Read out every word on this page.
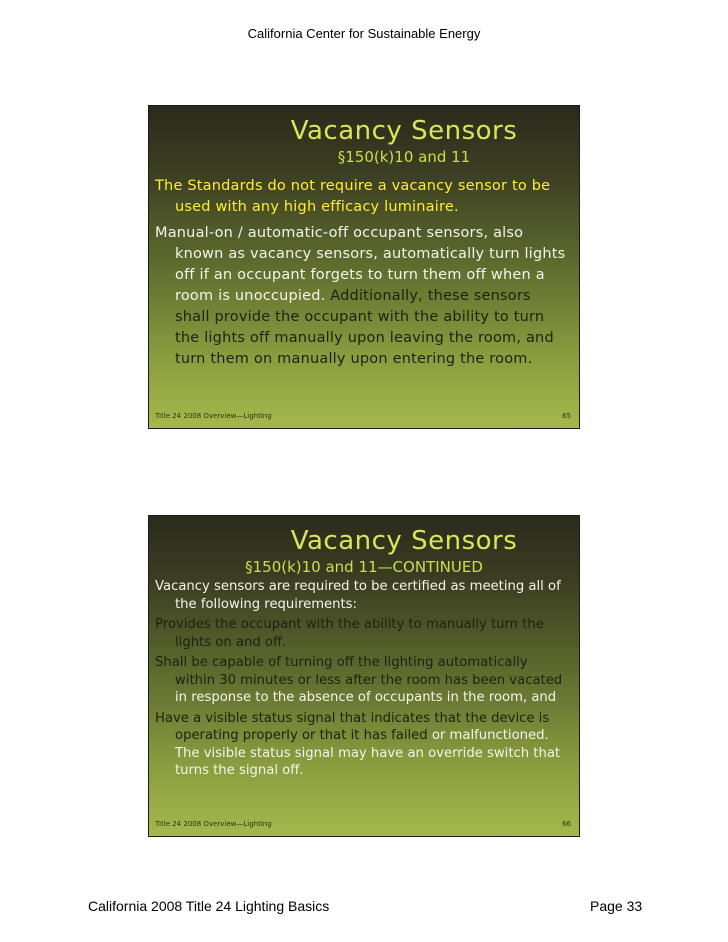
California Center for Sustainable Energy
Vacancy Sensors
§150(k)10 and 11

The Standards do not require a vacancy sensor to be used with any high efficacy luminaire.

Manual-on / automatic-off occupant sensors, also known as vacancy sensors, automatically turn lights off if an occupant forgets to turn them off when a room is unoccupied. Additionally, these sensors shall provide the occupant with the ability to turn the lights off manually upon leaving the room, and turn them on manually upon entering the room.

Title 24 2008 Overview—Lighting	65
Vacancy Sensors
§150(k)10 and 11—CONTINUED

Vacancy sensors are required to be certified as meeting all of the following requirements:

Provides the occupant with the ability to manually turn the lights on and off.

Shall be capable of turning off the lighting automatically within 30 minutes or less after the room has been vacated in response to the absence of occupants in the room, and

Have a visible status signal that indicates that the device is operating properly or that it has failed or malfunctioned. The visible status signal may have an override switch that turns the signal off.

Title 24 2008 Overview—Lighting	66
California 2008 Title 24 Lighting Basics	Page 33
